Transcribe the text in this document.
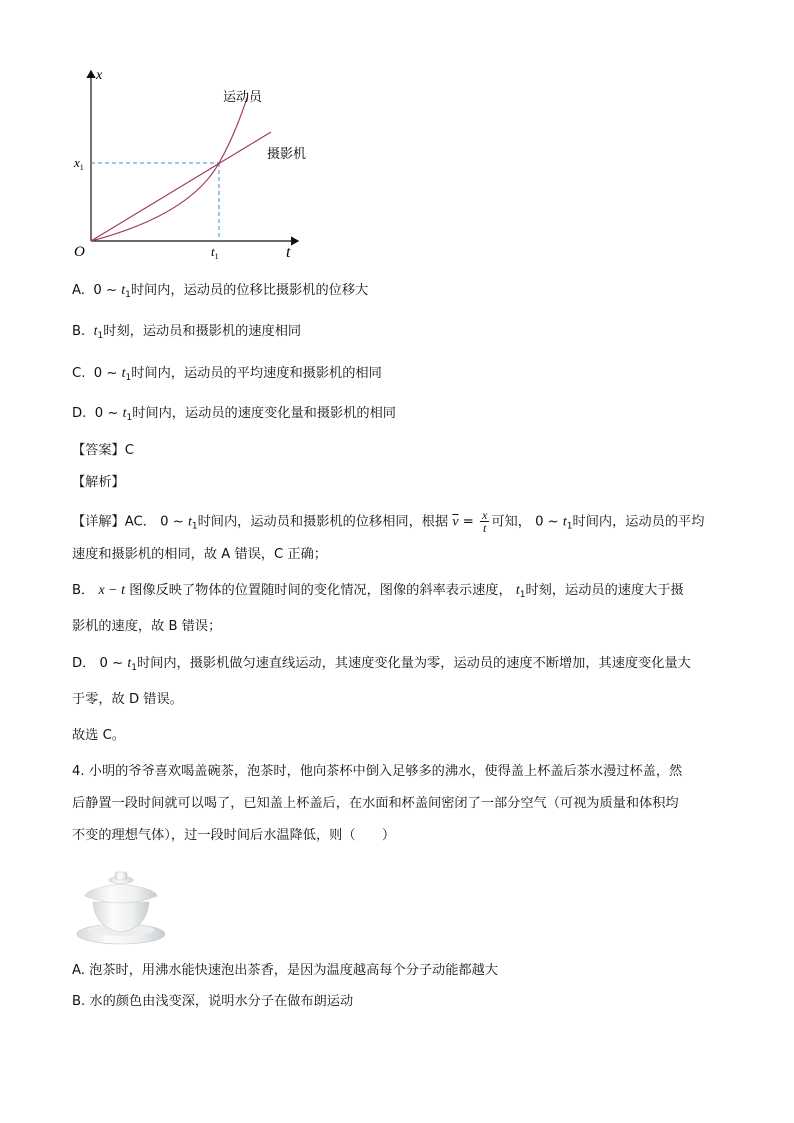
x
t
O
$x_1$
$t_1$
运动员
摄影机
A. 0 ~ $t_1$时间内，运动员的位移比摄影机的位移大
B. $t_1$时刻，运动员和摄影机的速度相同
C. 0 ~ $t_1$时间内，运动员的平均速度和摄影机的相同
D. 0 ~ $t_1$时间内，运动员的速度变化量和摄影机的相同
【答案】C
【解析】
【详解】AC． 0 ~ $t_1$时间内，运动员和摄影机的位移相同，根据 $\overline{v} = \frac{x}{t}$ 可知， 0 ~ $t_1$时间内，运动员的平均
速度和摄影机的相同，故 A 错误，C 正确；
B． x − t 图像反映了物体的位置随时间的变化情况，图像的斜率表示速度， $t_1$时刻，运动员的速度大于摄
影机的速度，故 B 错误；
D． 0 ~ $t_1$时间内，摄影机做匀速直线运动，其速度变化量为零，运动员的速度不断增加，其速度变化量大
于零，故 D 错误。
故选 C。
4. 小明的爷爷喜欢喝盖碗茶，泡茶时，他向茶杯中倒入足够多的沸水，使得盖上杯盖后茶水漫过杯盖，然
后静置一段时间就可以喝了，已知盖上杯盖后，在水面和杯盖间密闭了一部分空气（可视为质量和体积均
不变的理想气体），过一段时间后水温降低，则（　　）
A. 泡茶时，用沸水能快速泡出茶香，是因为温度越高每个分子动能都越大
B. 水的颜色由浅变深，说明水分子在做布朗运动
